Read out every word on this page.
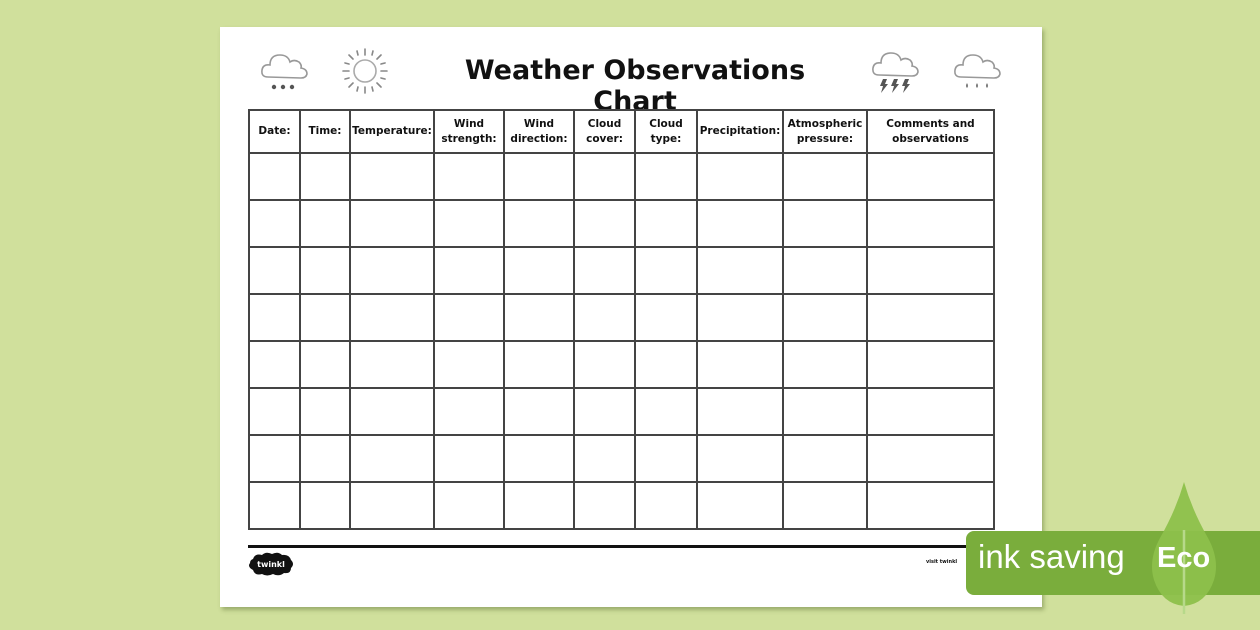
Weather Observations Chart
Date:	Time:	Temperature:	Wind strength:	Wind direction:	Cloud cover:	Cloud type:	Precipitation:	Atmospheric pressure:	Comments and observations

twinkl	visit twinkl ink saving Eco
